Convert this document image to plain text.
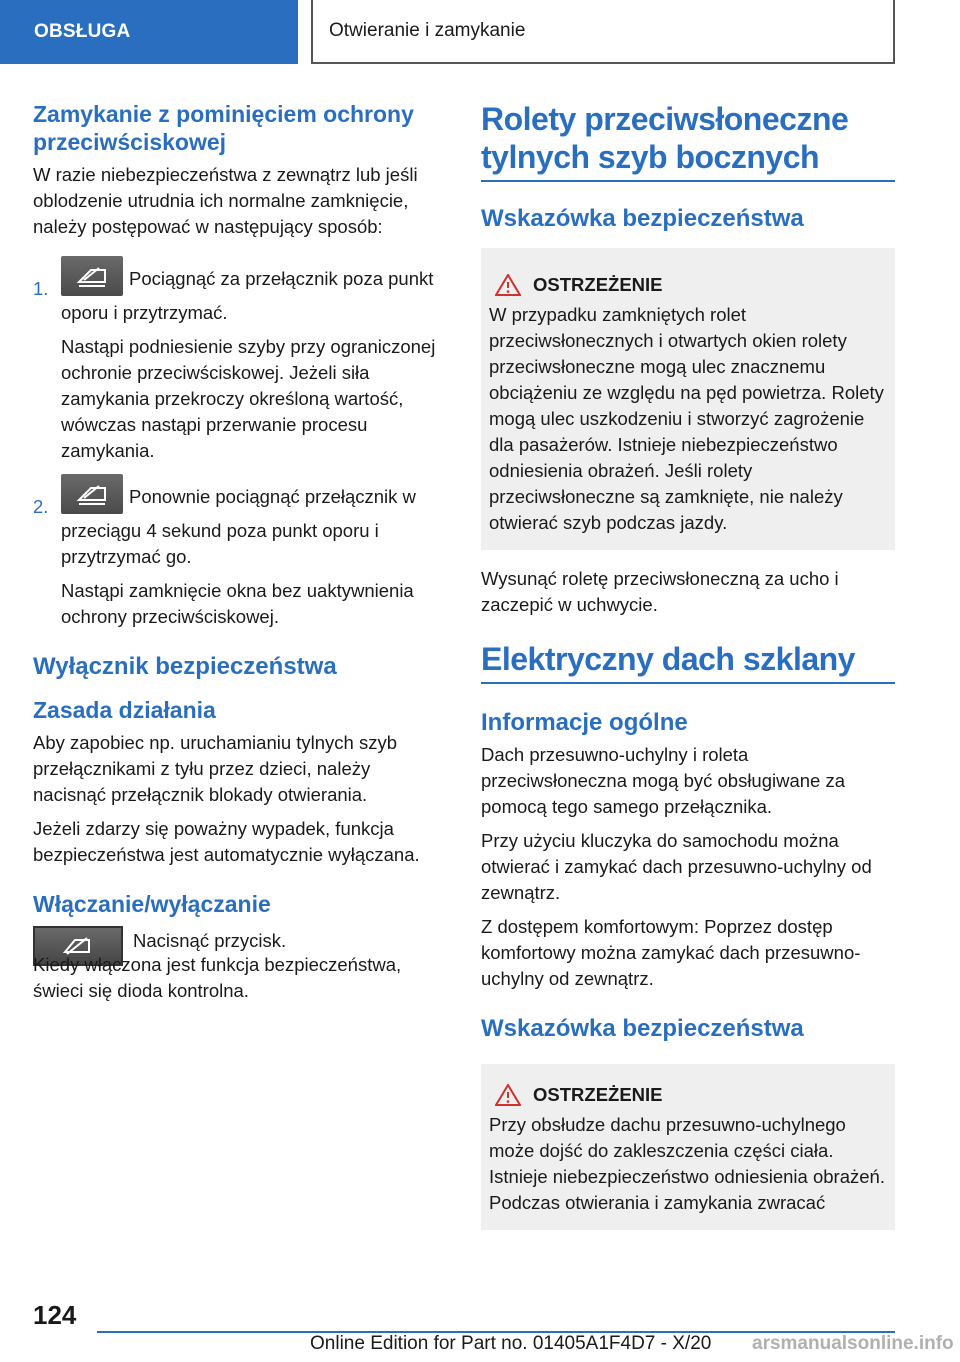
OBSŁUGA	Otwieranie i zamykanie
Zamykanie z pominięciem ochrony przeciwściskowej

W razie niebezpieczeństwa z zewnątrz lub jeśli oblodzenie utrudnia ich normalne zamknięcie, należy postępować w następujący sposób:

1.	Pociągnąć za przełącznik poza punkt oporu i przytrzymać.

Nastąpi podniesienie szyby przy ograniczonej ochronie przeciwściskowej. Jeżeli siła zamykania przekroczy określoną wartość, wówczas nastąpi przerwanie procesu zamykania.

2.	Ponownie pociągnąć przełącznik w przeciągu 4 sekund poza punkt oporu i przytrzymać go.

Nastąpi zamknięcie okna bez uaktywnienia ochrony przeciwściskowej.

Wyłącznik bezpieczeństwa
Zasada działania

Aby zapobiec np. uruchamianiu tylnych szyb przełącznikami z tyłu przez dzieci, należy nacisnąć przełącznik blokady otwierania.

Jeżeli zdarzy się poważny wypadek, funkcja bezpieczeństwa jest automatycznie wyłączana.

Włączanie/wyłączanie

Nacisnąć przycisk.

Kiedy włączona jest funkcja bezpieczeństwa, świeci się dioda kontrolna.

Rolety przeciwsłoneczne tylnych szyb bocznych
Wskazówka bezpieczeństwa
OSTRZEŻENIE

W przypadku zamkniętych rolet przeciwsłonecznych i otwartych okien rolety przeciwsłoneczne mogą ulec znacznemu obciążeniu ze względu na pęd powietrza. Rolety mogą ulec uszkodzeniu i stworzyć zagrożenie dla pasażerów. Istnieje niebezpieczeństwo odniesienia obrażeń. Jeśli rolety przeciwsłoneczne są zamknięte, nie należy otwierać szyb podczas jazdy.

Wysunąć roletę przeciwsłoneczną za ucho i zaczepić w uchwycie.

Elektryczny dach szklany
Informacje ogólne

Dach przesuwno-uchylny i roleta przeciwsłoneczna mogą być obsługiwane za pomocą tego samego przełącznika.

Przy użyciu kluczyka do samochodu można otwierać i zamykać dach przesuwno-uchylny od zewnątrz.

Z dostępem komfortowym: Poprzez dostęp komfortowy można zamykać dach przesuwno-uchylny od zewnątrz.

Wskazówka bezpieczeństwa
OSTRZEŻENIE

Przy obsłudze dachu przesuwno-uchylnego może dojść do zakleszczenia części ciała. Istnieje niebezpieczeństwo odniesienia obrażeń. Podczas otwierania i zamykania zwracać

124
Online Edition for Part no. 01405A1F4D7 - X/20 arsmanualsonline.info
